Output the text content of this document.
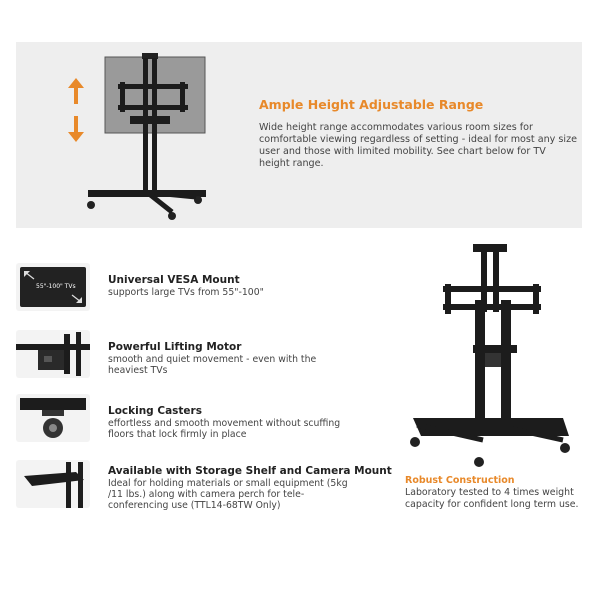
Ample Height Adjustable Range
Wide height range accommodates various room sizes for comfortable viewing regardless of setting - ideal for most any size user and those with limited mobility. See chart below for TV height range.
55"-100" TVs
Universal VESA Mount
supports large TVs from 55"-100"
Powerful Lifting Motor
smooth and quiet movement - even with the heaviest TVs
Locking Casters
effortless and smooth movement without scuffing floors that lock firmly in place
Available with Storage Shelf and Camera Mount
Ideal for holding materials or small equipment (5kg /11 lbs.) along with camera perch for tele-conferencing use (TTL14-68TW Only)
Robust Construction
Laboratory tested to 4 times weight capacity for confident long term use.
